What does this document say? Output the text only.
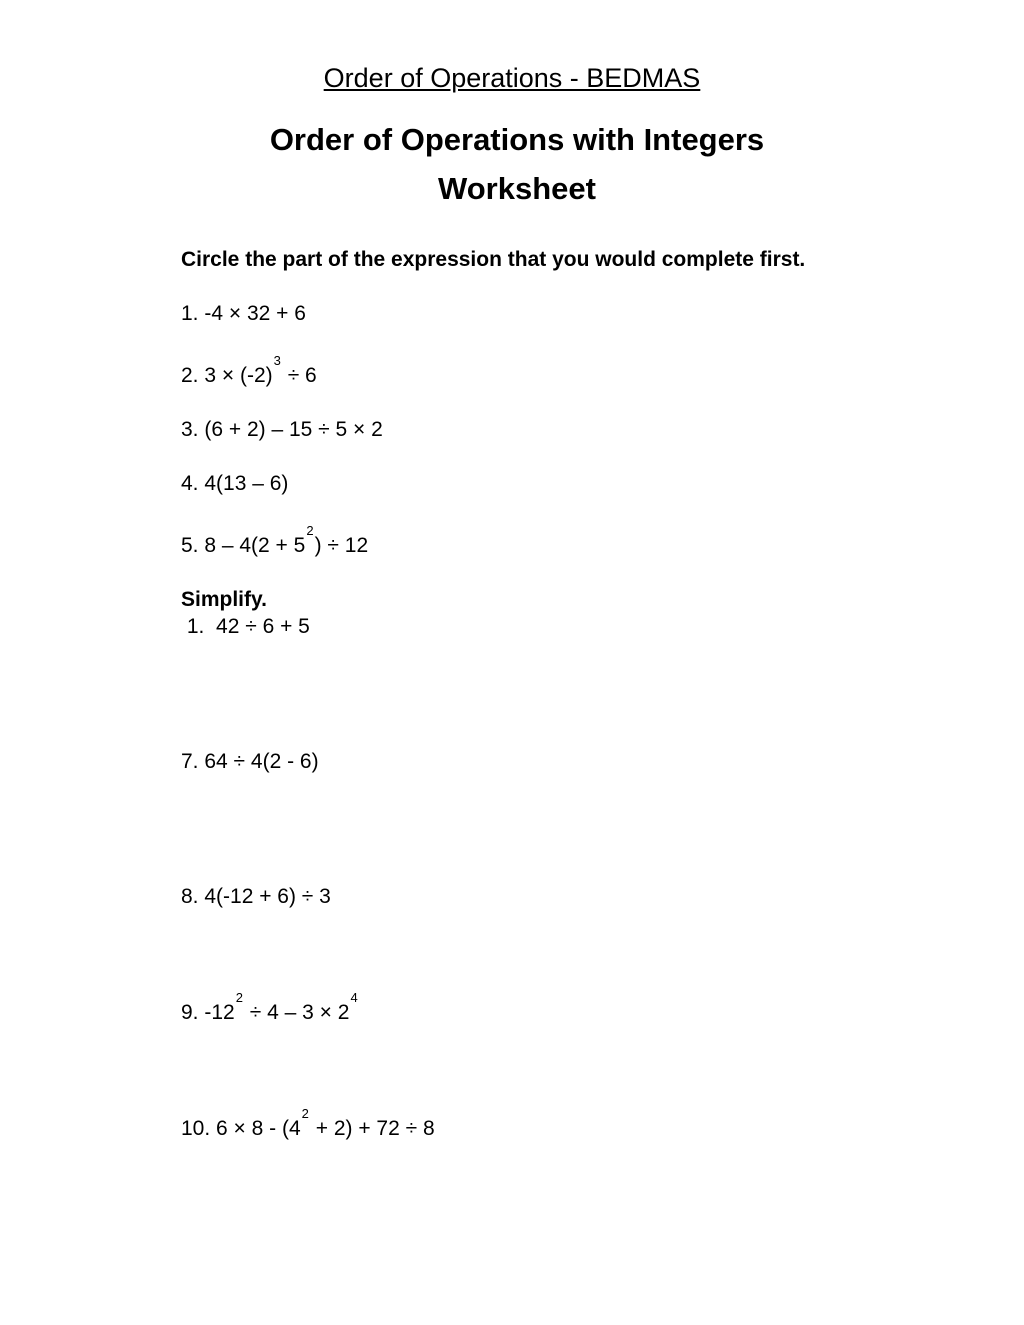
Order of Operations - BEDMAS
Order of Operations with Integers
Worksheet
Circle the part of the expression that you would complete first.
1. -4 × 32 + 6
2. $3 \times (-2)^3 \div 6$
3. (6 + 2) – 15 ÷ 5 × 2
4. 4(13 – 6)
5. $8 - 4(2 + 5^2) \div 12$
Simplify.
1.  42 ÷ 6 + 5
7. 64 ÷ 4(2 - 6)
8. 4(-12 + 6) ÷ 3
9. $-12^2 \div 4 - 3 \times 2^4$
10. $6 \times 8 - (4^2 + 2) + 72 \div 8$
